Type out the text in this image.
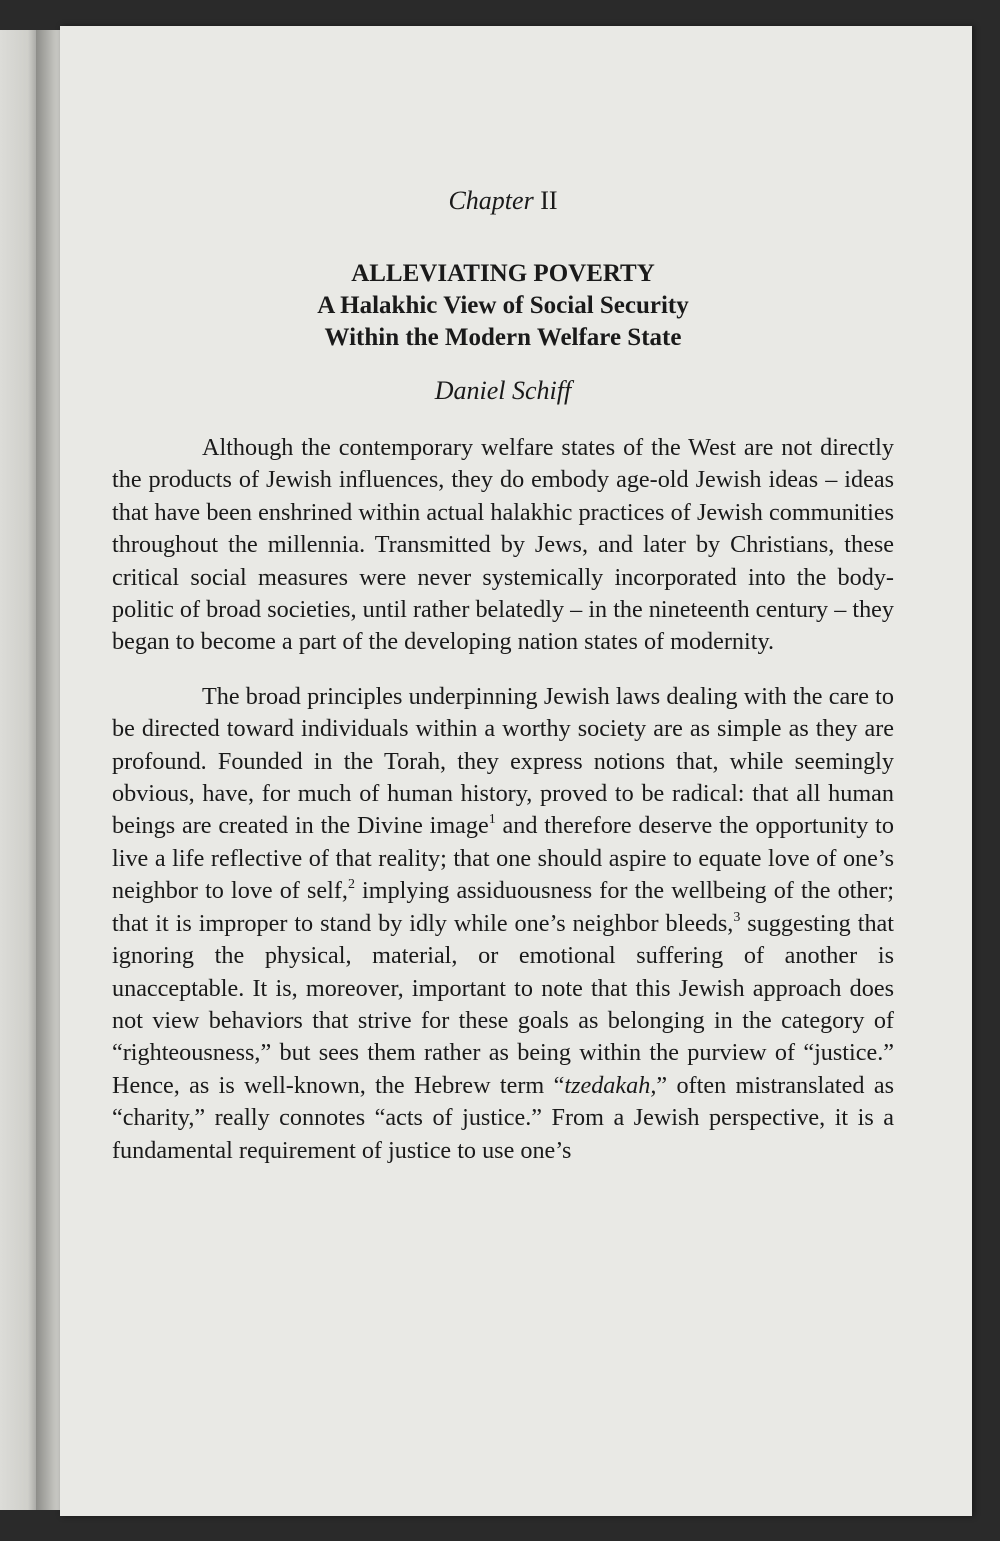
Chapter II

ALLEVIATING POVERTY

A Halakhic View of Social Security

Within the Modern Welfare State

Daniel Schiff

Although the contemporary welfare states of the West are not directly the products of Jewish influences, they do embody age-old Jewish ideas – ideas that have been enshrined within actual halakhic practices of Jewish communities throughout the millennia. Transmitted by Jews, and later by Christians, these critical social measures were never systemically incorporated into the body-politic of broad societies, until rather belatedly – in the nineteenth century – they began to become a part of the developing nation states of modernity.

The broad principles underpinning Jewish laws dealing with the care to be directed toward individuals within a worthy society are as simple as they are profound. Founded in the Torah, they express notions that, while seemingly obvious, have, for much of human history, proved to be radical: that all human beings are created in the Divine image$^1$ and therefore deserve the opportunity to live a life reflective of that reality; that one should aspire to equate love of one’s neighbor to love of self,$^2$ implying assiduousness for the wellbeing of the other; that it is improper to stand by idly while one’s neighbor bleeds,$^3$ suggesting that ignoring the physical, material, or emotional suffering of another is unacceptable. It is, moreover, important to note that this Jewish approach does not view behaviors that strive for these goals as belonging in the category of “righteousness,” but sees them rather as being within the purview of “justice.” Hence, as is well-known, the Hebrew term “tzedakah,” often mistranslated as “charity,” really connotes “acts of justice.” From a Jewish perspective, it is a fundamental requirement of justice to use one’s
